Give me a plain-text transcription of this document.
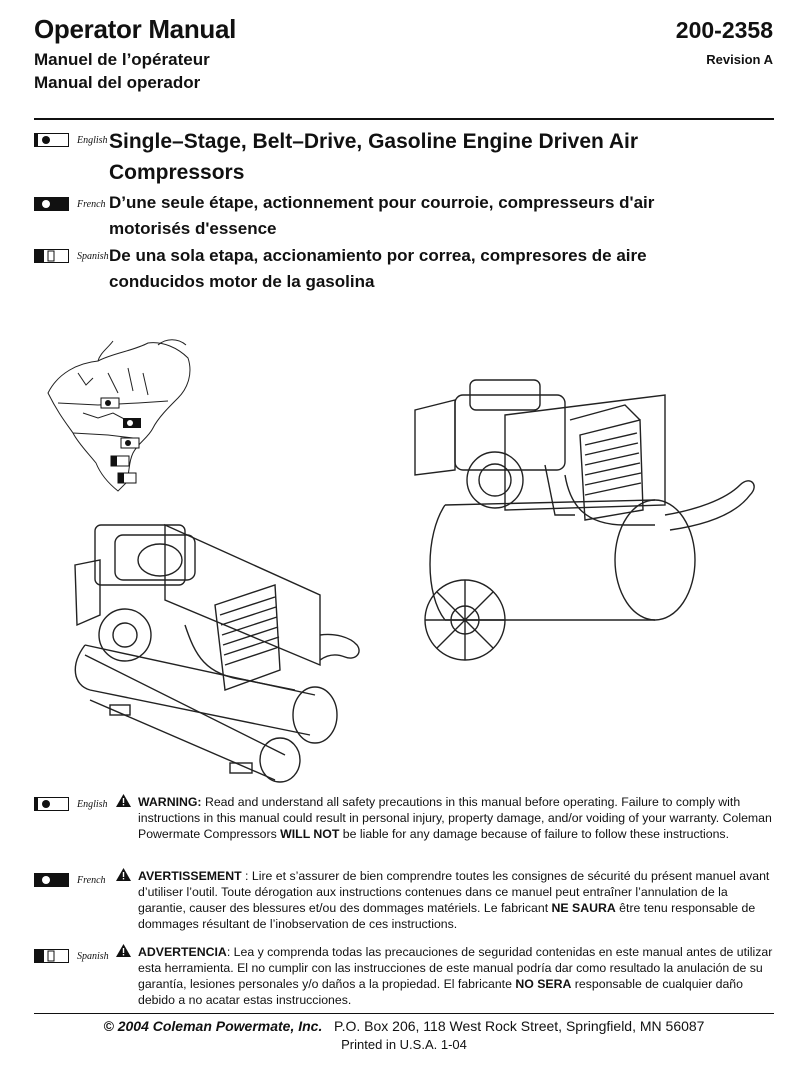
Operator Manual
Manuel de l’opérateur
Manual del operador
200-2358
Revision A
English Single–Stage, Belt–Drive, Gasoline Engine Driven Air
Compressors
French D’une seule étape, actionnement pour courroie, compresseurs d'air
motorisés d'essence
Spanish De una sola etapa, accionamiento por correa, compresores de aire
conducidos motor de la gasolina
English WARNING: Read and understand all safety precautions in this manual before operating. Failure to comply with instructions in this manual could result in personal injury, property damage, and/or voiding of your warranty. Coleman Powermate Compressors WILL NOT be liable for any damage because of failure to follow these instructions.
French	AVERTISSEMENT : Lire et s’assurer de bien comprendre toutes les consignes de sécurité du présent manuel avant d’utiliser l’outil. Toute dérogation aux instructions contenues dans ce manuel peut entraîner l’annulation de la garantie, causer des blessures et/ou des dommages matériels. Le fabricant NE SAURA être tenu responsable de dommages résultant de l’inobservation de ces instructions.
Spanish ADVERTENCIA: Lea y comprenda todas las precauciones de seguridad contenidas en este manual antes de utilizar esta herramienta. El no cumplir con las instrucciones de este manual podría dar como resultado la anulación de su garantía, lesiones personales y/o daños a la propiedad. El fabricante NO SERA responsable de cualquier daño debido a no acatar estas instrucciones.
© 2004 Coleman Powermate, Inc. P.O. Box 206, 118 West Rock Street, Springfield, MN 56087
Printed in U.S.A. 1-04
